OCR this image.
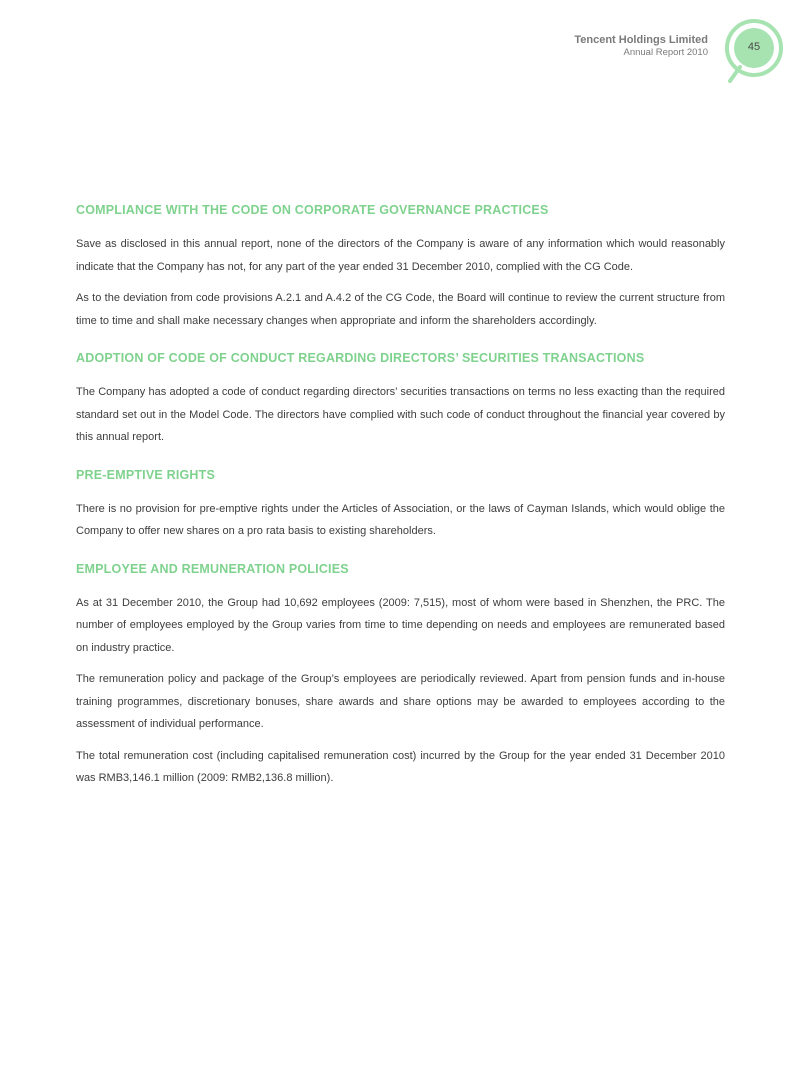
Tencent Holdings Limited
Annual Report 2010	45
COMPLIANCE WITH THE CODE ON CORPORATE GOVERNANCE PRACTICES

Save as disclosed in this annual report, none of the directors of the Company is aware of any information which would reasonably indicate that the Company has not, for any part of the year ended 31 December 2010, complied with the CG Code.

As to the deviation from code provisions A.2.1 and A.4.2 of the CG Code, the Board will continue to review the current structure from time to time and shall make necessary changes when appropriate and inform the shareholders accordingly.

ADOPTION OF CODE OF CONDUCT REGARDING DIRECTORS’ SECURITIES TRANSACTIONS

The Company has adopted a code of conduct regarding directors’ securities transactions on terms no less exacting than the required standard set out in the Model Code. The directors have complied with such code of conduct throughout the financial year covered by this annual report.

PRE-EMPTIVE RIGHTS

There is no provision for pre-emptive rights under the Articles of Association, or the laws of Cayman Islands, which would oblige the Company to offer new shares on a pro rata basis to existing shareholders.

EMPLOYEE AND REMUNERATION POLICIES

As at 31 December 2010, the Group had 10,692 employees (2009: 7,515), most of whom were based in Shenzhen, the PRC. The number of employees employed by the Group varies from time to time depending on needs and employees are remunerated based on industry practice.

The remuneration policy and package of the Group’s employees are periodically reviewed. Apart from pension funds and in-house training programmes, discretionary bonuses, share awards and share options may be awarded to employees according to the assessment of individual performance.

The total remuneration cost (including capitalised remuneration cost) incurred by the Group for the year ended 31 December 2010 was RMB3,146.1 million (2009: RMB2,136.8 million).
